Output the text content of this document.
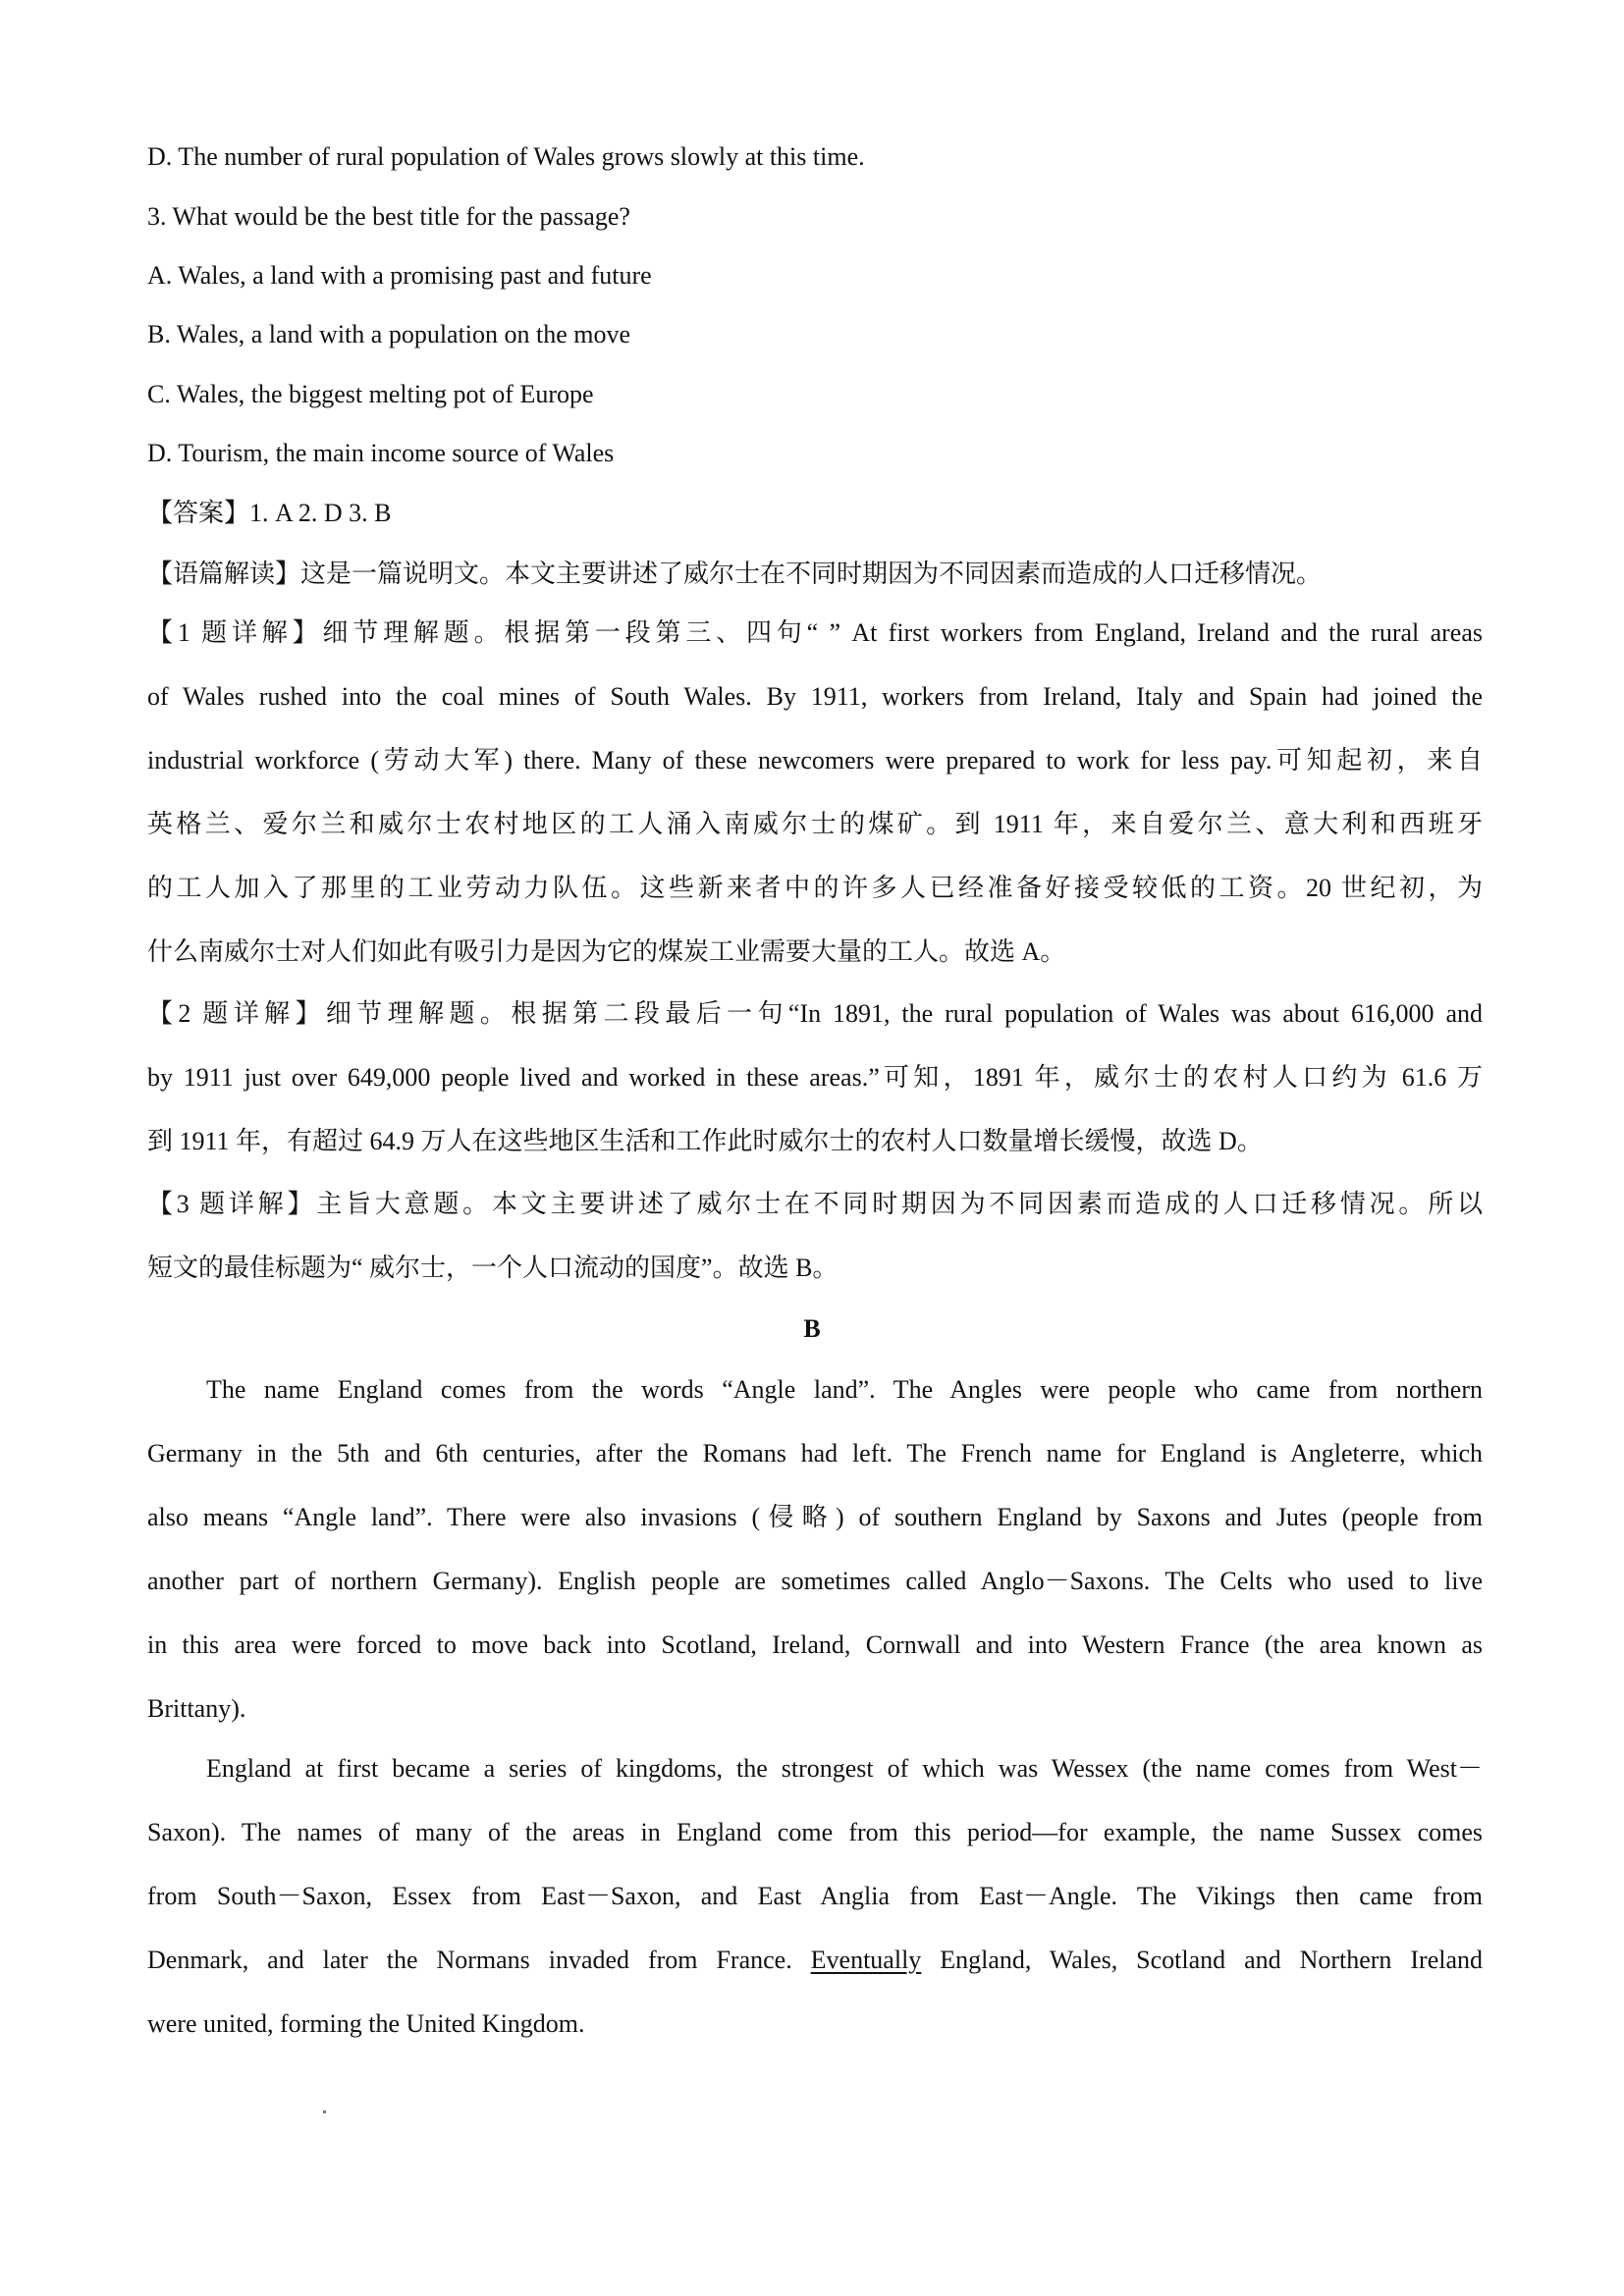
D. The number of rural population of Wales grows slowly at this time.
3. What would be the best title for the passage?
A. Wales, a land with a promising past and future
B. Wales, a land with a population on the move
C. Wales, the biggest melting pot of Europe
D. Tourism, the main income source of Wales
【答案】1. A 2. D 3. B
【语篇解读】这是一篇说明文。本文主要讲述了威尔士在不同时期因为不同因素而造成的人口迁移情况。
【1 题详解】细节理解题。根据第一段第三、四句“ ” At first workers from England, Ireland and the rural areas
of Wales rushed into the coal mines of South Wales. By 1911, workers from Ireland, Italy and Spain had joined the
industrial workforce (劳动大军) there. Many of these newcomers were prepared to work for less pay.可知起初，来自
英格兰、爱尔兰和威尔士农村地区的工人涌入南威尔士的煤矿。到 1911 年，来自爱尔兰、意大利和西班牙
的工人加入了那里的工业劳动力队伍。这些新来者中的许多人已经准备好接受较低的工资。20 世纪初，为
什么南威尔士对人们如此有吸引力是因为它的煤炭工业需要大量的工人。故选 A。
【2 题详解】细节理解题。根据第二段最后一句“In 1891, the rural population of Wales was about 616,000 and
by 1911 just over 649,000 people lived and worked in these areas.”可知，1891 年，威尔士的农村人口约为 61.6 万
到 1911 年，有超过 64.9 万人在这些地区生活和工作此时威尔士的农村人口数量增长缓慢，故选 D。
【3 题详解】主旨大意题。本文主要讲述了威尔士在不同时期因为不同因素而造成的人口迁移情况。所以
短文的最佳标题为“ 威尔士，一个人口流动的国度”。故选 B。
B
The name England comes from the words “Angle land”. The Angles were people who came from northern
Germany in the 5th and 6th centuries, after the Romans had left. The French name for England is Angleterre, which
also means “Angle land”. There were also invasions (侵略) of southern England by Saxons and Jutes (people from
another part of northern Germany). English people are sometimes called Anglo－Saxons. The Celts who used to live
in this area were forced to move back into Scotland, Ireland, Cornwall and into Western France (the area known as
Brittany).
England at first became a series of kingdoms, the strongest of which was Wessex (the name comes from West－
Saxon). The names of many of the areas in England come from this period—for example, the name Sussex comes
from South－Saxon, Essex from East－Saxon, and East Anglia from East－Angle. The Vikings then came from
Denmark, and later the Normans invaded from France. Eventually England, Wales, Scotland and Northern Ireland
were united, forming the United Kingdom.
